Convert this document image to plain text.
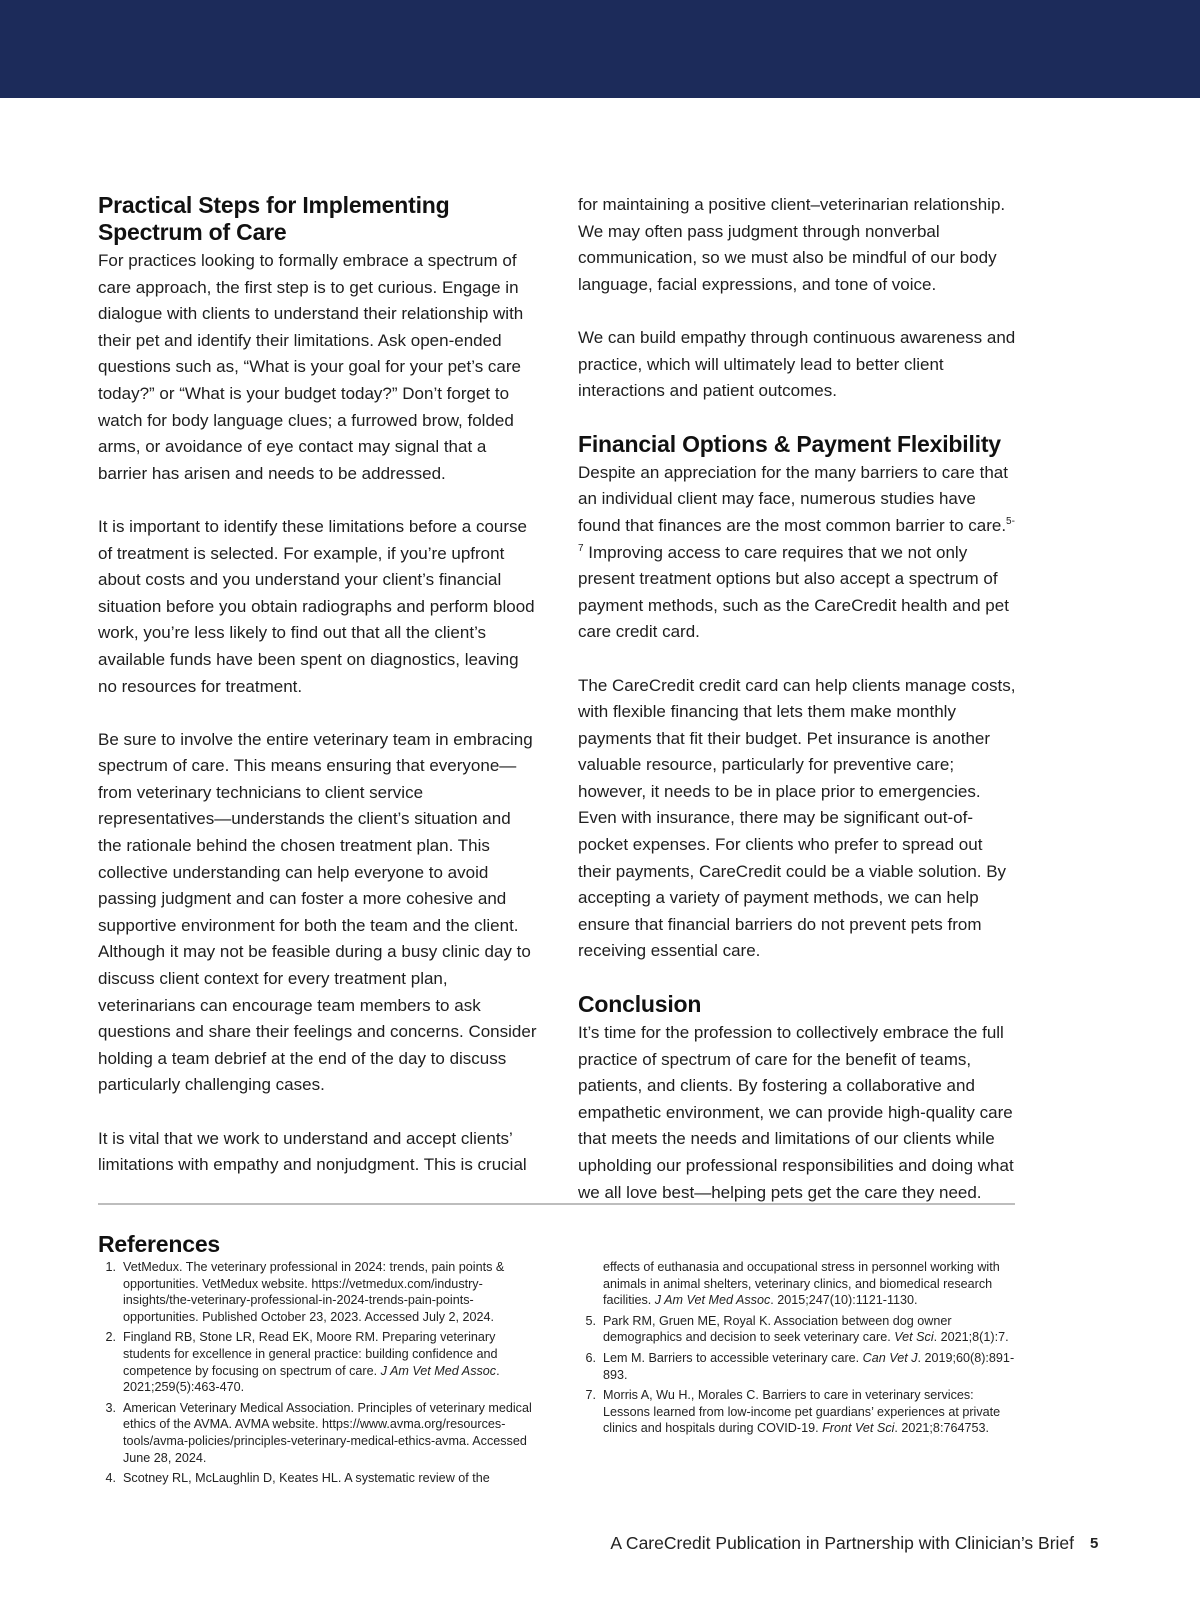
Practical Steps for Implementing Spectrum of Care

For practices looking to formally embrace a spectrum of care approach, the first step is to get curious. Engage in dialogue with clients to understand their relationship with their pet and identify their limitations. Ask open-ended questions such as, “What is your goal for your pet’s care today?” or “What is your budget today?” Don’t forget to watch for body language clues; a furrowed brow, folded arms, or avoidance of eye contact may signal that a barrier has arisen and needs to be addressed.

It is important to identify these limitations before a course of treatment is selected. For example, if you’re upfront about costs and you understand your client’s financial situation before you obtain radiographs and perform blood work, you’re less likely to find out that all the client’s available funds have been spent on diagnostics, leaving no resources for treatment.

Be sure to involve the entire veterinary team in embracing spectrum of care. This means ensuring that everyone—from veterinary technicians to client service representatives—understands the client’s situation and the rationale behind the chosen treatment plan. This collective understanding can help everyone to avoid passing judgment and can foster a more cohesive and supportive environment for both the team and the client. Although it may not be feasible during a busy clinic day to discuss client context for every treatment plan, veterinarians can encourage team members to ask questions and share their feelings and concerns. Consider holding a team debrief at the end of the day to discuss particularly challenging cases.

It is vital that we work to understand and accept clients’ limitations with empathy and nonjudgment. This is crucial

for maintaining a positive client–veterinarian relationship. We may often pass judgment through nonverbal communication, so we must also be mindful of our body language, facial expressions, and tone of voice.

We can build empathy through continuous awareness and practice, which will ultimately lead to better client interactions and patient outcomes.

Financial Options & Payment Flexibility

Despite an appreciation for the many barriers to care that an individual client may face, numerous studies have found that finances are the most common barrier to care.$^{5-7}$ Improving access to care requires that we not only present treatment options but also accept a spectrum of payment methods, such as the CareCredit health and pet care credit card.

The CareCredit credit card can help clients manage costs, with flexible financing that lets them make monthly payments that fit their budget. Pet insurance is another valuable resource, particularly for preventive care; however, it needs to be in place prior to emergencies. Even with insurance, there may be significant out-of-pocket expenses. For clients who prefer to spread out their payments, CareCredit could be a viable solution. By accepting a variety of payment methods, we can help ensure that financial barriers do not prevent pets from receiving essential care.

Conclusion

It’s time for the profession to collectively embrace the full practice of spectrum of care for the benefit of teams, patients, and clients. By fostering a collaborative and empathetic environment, we can provide high-quality care that meets the needs and limitations of our clients while upholding our professional responsibilities and doing what we all love best—helping pets get the care they need.

References
1. VetMedux. The veterinary professional in 2024: trends, pain points & opportunities. VetMedux website. https://vetmedux.com/industry-insights/the-veterinary-professional-in-2024-trends-pain-points-opportunities. Published October 23, 2023. Accessed July 2, 2024.
2. Fingland RB, Stone LR, Read EK, Moore RM. Preparing veterinary students for excellence in general practice: building confidence and competence by focusing on spectrum of care. J Am Vet Med Assoc. 2021;259(5):463-470.
3. American Veterinary Medical Association. Principles of veterinary medical ethics of the AVMA. AVMA website. https://www.avma.org/resources-tools/avma-policies/principles-veterinary-medical-ethics-avma. Accessed June 28, 2024.
4. Scotney RL, McLaughlin D, Keates HL. A systematic review of the
effects of euthanasia and occupational stress in personnel working with animals in animal shelters, veterinary clinics, and biomedical research facilities. J Am Vet Med Assoc. 2015;247(10):1121-1130.
5. Park RM, Gruen ME, Royal K. Association between dog owner demographics and decision to seek veterinary care. Vet Sci. 2021;8(1):7.
6. Lem M. Barriers to accessible veterinary care. Can Vet J. 2019;60(8):891-893.
7. Morris A, Wu H., Morales C. Barriers to care in veterinary services: Lessons learned from low-income pet guardians’ experiences at private clinics and hospitals during COVID-19. Front Vet Sci. 2021;8:764753.
A CareCredit Publication in Partnership with Clinician’s Brief 5
